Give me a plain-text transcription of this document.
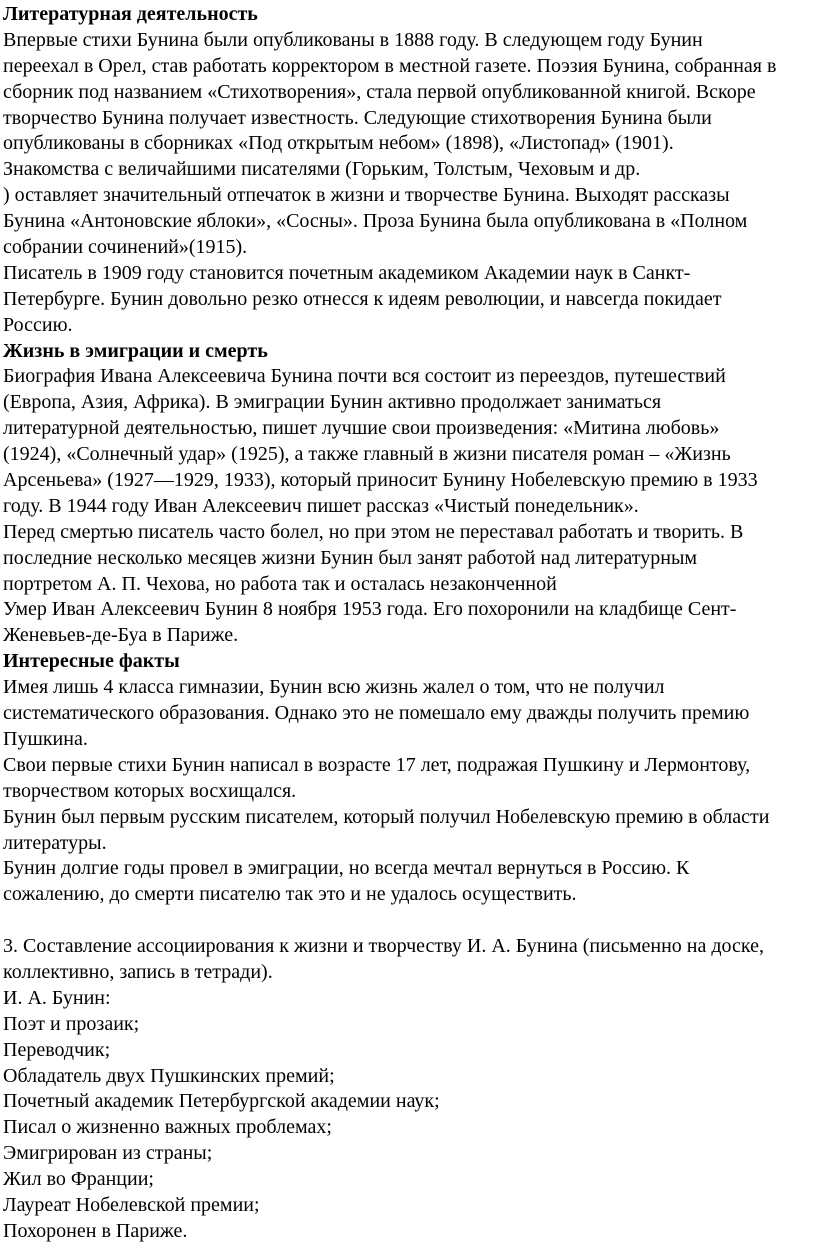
Литературная деятельность
Впервые стихи Бунина были опубликованы в 1888 году. В следующем году Бунин
переехал в Орел, став работать корректором в местной газете. Поэзия Бунина, собранная в
сборник под названием «Стихотворения», стала первой опубликованной книгой. Вскоре
творчество Бунина получает известность. Следующие стихотворения Бунина были
опубликованы в сборниках «Под открытым небом» (1898), «Листопад» (1901).
Знакомства с величайшими писателями (Горьким, Толстым, Чеховым и др.
) оставляет значительный отпечаток в жизни и творчестве Бунина. Выходят рассказы
Бунина «Антоновские яблоки», «Сосны». Проза Бунина была опубликована в «Полном
собрании сочинений»(1915).
Писатель в 1909 году становится почетным академиком Академии наук в Санкт-
Петербурге. Бунин довольно резко отнесся к идеям революции, и навсегда покидает
Россию.
Жизнь в эмиграции и смерть
Биография Ивана Алексеевича Бунина почти вся состоит из переездов, путешествий
(Европа, Азия, Африка). В эмиграции Бунин активно продолжает заниматься
литературной деятельностью, пишет лучшие свои произведения: «Митина любовь»
(1924), «Солнечный удар» (1925), а также главный в жизни писателя роман – «Жизнь
Арсеньева» (1927—1929, 1933), который приносит Бунину Нобелевскую премию в 1933
году. В 1944 году Иван Алексеевич пишет рассказ «Чистый понедельник».
Перед смертью писатель часто болел, но при этом не переставал работать и творить. В
последние несколько месяцев жизни Бунин был занят работой над литературным
портретом А. П. Чехова, но работа так и осталась незаконченной
Умер Иван Алексеевич Бунин 8 ноября 1953 года. Его похоронили на кладбище Сент-
Женевьев-де-Буа в Париже.
Интересные факты
Имея лишь 4 класса гимназии, Бунин всю жизнь жалел о том, что не получил
систематического образования. Однако это не помешало ему дважды получить премию
Пушкина.
Свои первые стихи Бунин написал в возрасте 17 лет, подражая Пушкину и Лермонтову,
творчеством которых восхищался.
Бунин был первым русским писателем, который получил Нобелевскую премию в области
литературы.
Бунин долгие годы провел в эмиграции, но всегда мечтал вернуться в Россию. К
сожалению, до смерти писателю так это и не удалось осуществить.
3. Составление ассоциирования к жизни и творчеству И. А. Бунина (письменно на доске,
коллективно, запись в тетради).
И. А. Бунин:
Поэт и прозаик;
Переводчик;
Обладатель двух Пушкинских премий;
Почетный академик Петербургской академии наук;
Писал о жизненно важных проблемах;
Эмигрирован из страны;
Жил во Франции;
Лауреат Нобелевской премии;
Похоронен в Париже.
